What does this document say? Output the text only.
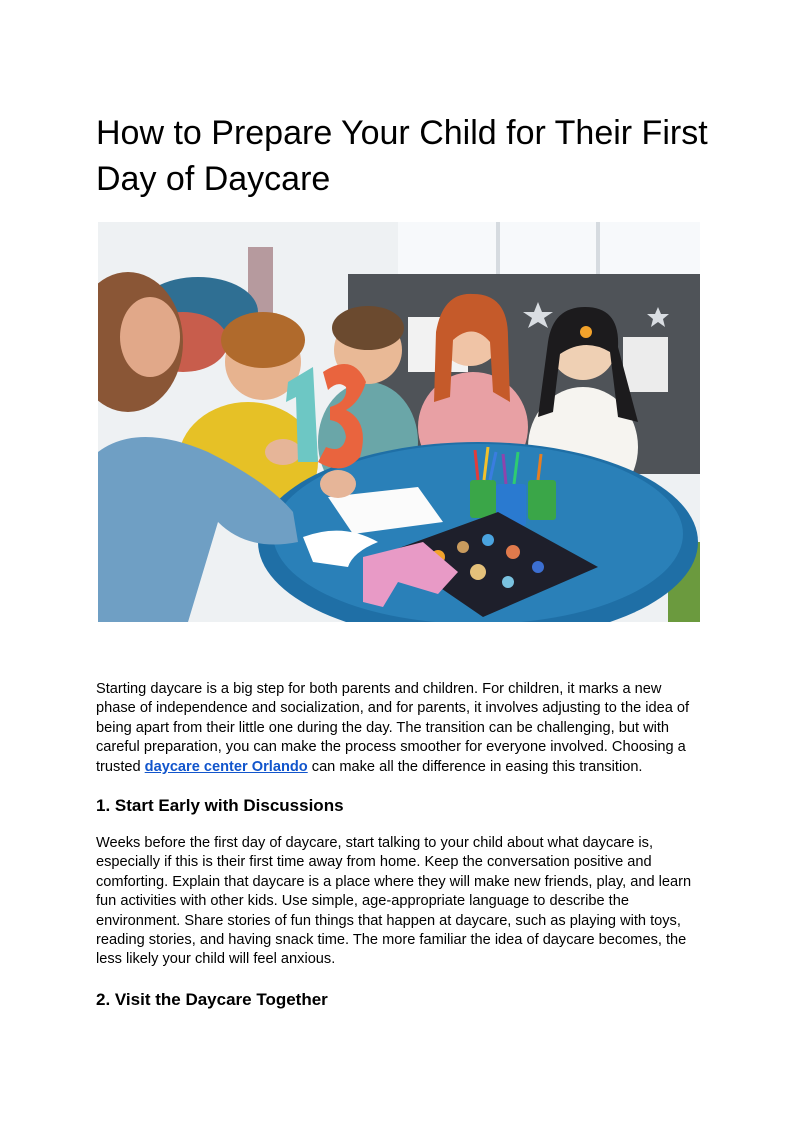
How to Prepare Your Child for Their First Day of Daycare

Starting daycare is a big step for both parents and children. For children, it marks a new phase of independence and socialization, and for parents, it involves adjusting to the idea of being apart from their little one during the day. The transition can be challenging, but with careful preparation, you can make the process smoother for everyone involved. Choosing a trusted daycare center Orlando can make all the difference in easing this transition.

1. Start Early with Discussions

Weeks before the first day of daycare, start talking to your child about what daycare is, especially if this is their first time away from home. Keep the conversation positive and comforting. Explain that daycare is a place where they will make new friends, play, and learn fun activities with other kids. Use simple, age-appropriate language to describe the environment. Share stories of fun things that happen at daycare, such as playing with toys, reading stories, and having snack time. The more familiar the idea of daycare becomes, the less likely your child will feel anxious.

2. Visit the Daycare Together
